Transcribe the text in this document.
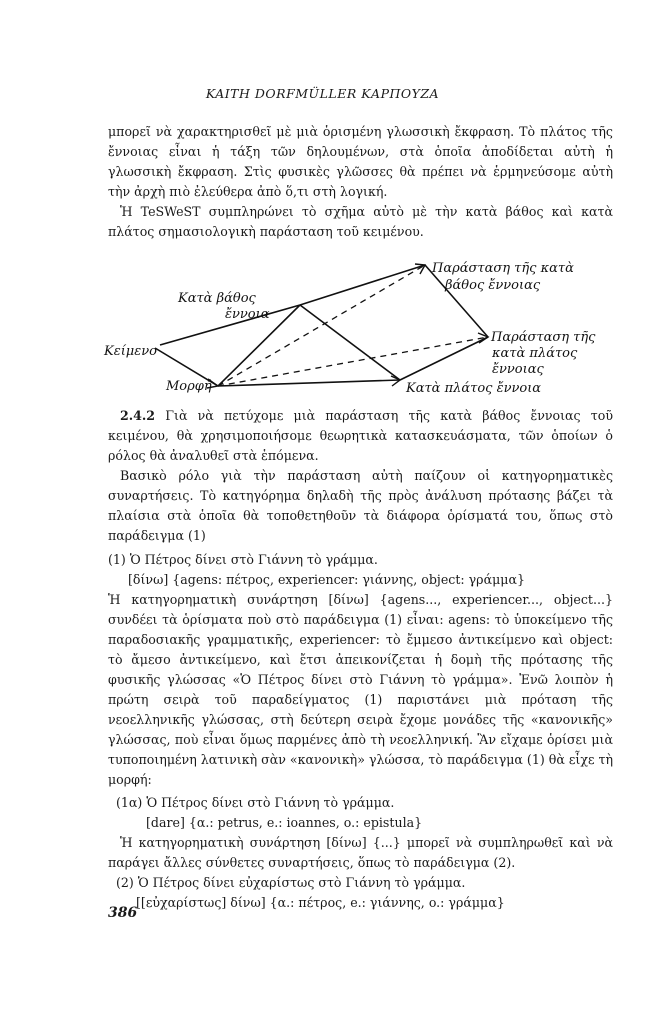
KAITH DORFMÜLLER ΚΑΡΠΟΥΖΑ

μπορεῖ νὰ χαρακτηρισθεῖ μὲ μιὰ ὁρισμένη γλωσσικὴ ἔκφραση. Τὸ πλάτος τῆς ἔννοιας εἶναι ἡ τάξη τῶν δηλουμένων, στὰ ὁποῖα ἀποδίδεται αὐτὴ ἡ γλωσσικὴ ἔκφραση. Στὶς φυσικὲς γλῶσσες θὰ πρέπει νὰ ἑρμηνεύσομε αὐτὴ τὴν ἀρχὴ πιὸ ἐλεύθερα ἀπὸ ὅ,τι στὴ λογική.

Ἡ TeSWeST συμπληρώνει τὸ σχῆμα αὐτὸ μὲ τὴν κατὰ βάθος καὶ κατὰ πλάτος σημασιολογικὴ παράσταση τοῦ κειμένου.

Παράσταση τῆς κατὰ
βάθος ἔννοιας
Κατὰ βάθος
ἔννοια
Παράσταση τῆς
κατὰ πλάτος
ἔννοιας
Κείμενο
Μορφή	Κατὰ πλάτος ἔννοια

2.4.2 Γιὰ νὰ πετύχομε μιὰ παράσταση τῆς κατὰ βάθος ἔννοιας τοῦ κειμένου, θὰ χρησιμοποιήσομε θεωρητικὰ κατασκευάσματα, τῶν ὁποίων ὁ ρόλος θὰ ἀναλυθεῖ στὰ ἑπόμενα.

Βασικὸ ρόλο γιὰ τὴν παράσταση αὐτὴ παίζουν οἱ κατηγορηματικὲς συναρτήσεις. Τὸ κατηγόρημα δηλαδὴ τῆς πρὸς ἀνάλυση πρότασης βάζει τὰ πλαίσια στὰ ὁποῖα θὰ τοποθετηθοῦν τὰ διάφορα ὁρίσματά του, ὅπως στὸ παράδειγμα (1)

(1) Ὁ Πέτρος δίνει στὸ Γιάννη τὸ γράμμα.
[δίνω] {agens: πέτρος, experiencer: γιάννης, object: γράμμα}

Ἡ κατηγορηματικὴ συνάρτηση [δίνω] {agens..., experiencer..., object...} συνδέει τὰ ὁρίσματα ποὺ στὸ παράδειγμα (1) εἶναι: agens: τὸ ὑποκείμενο τῆς παραδοσιακῆς γραμματικῆς, experiencer: τὸ ἔμμεσο ἀντικείμενο καὶ object: τὸ ἄμεσο ἀντικείμενο, καὶ ἔτσι ἀπεικονίζεται ἡ δομὴ τῆς πρότασης τῆς φυσικῆς γλώσσας «Ὁ Πέτρος δίνει στὸ Γιάννη τὸ γράμμα». Ἐνῶ λοιπὸν ἡ πρώτη σειρὰ τοῦ παραδείγματος (1) παριστάνει μιὰ πρόταση τῆς νεοελληνικῆς γλώσσας, στὴ δεύτερη σειρὰ ἔχομε μονάδες τῆς «κανονικῆς» γλώσσας, ποὺ εἶναι ὅμως παρμένες ἀπὸ τὴ νεοελληνική. Ἂν εἴχαμε ὁρίσει μιὰ τυποποιημένη λατινικὴ σὰν «κανονικὴ» γλώσσα, τὸ παράδειγμα (1) θὰ εἶχε τὴ μορφή:

(1α) Ὁ Πέτρος δίνει στὸ Γιάννη τὸ γράμμα.
[dare] {α.: petrus, e.: ioannes, o.: epistula}

Ἡ κατηγορηματικὴ συνάρτηση [δίνω] {...} μπορεῖ νὰ συμπληρωθεῖ καὶ νὰ παράγει ἄλλες σύνθετες συναρτήσεις, ὅπως τὸ παράδειγμα (2).

(2) Ὁ Πέτρος δίνει εὐχαρίστως στὸ Γιάννη τὸ γράμμα.
[[εὐχαρίστως] δίνω] {α.: πέτρος, e.: γιάννης, o.: γράμμα}
386
